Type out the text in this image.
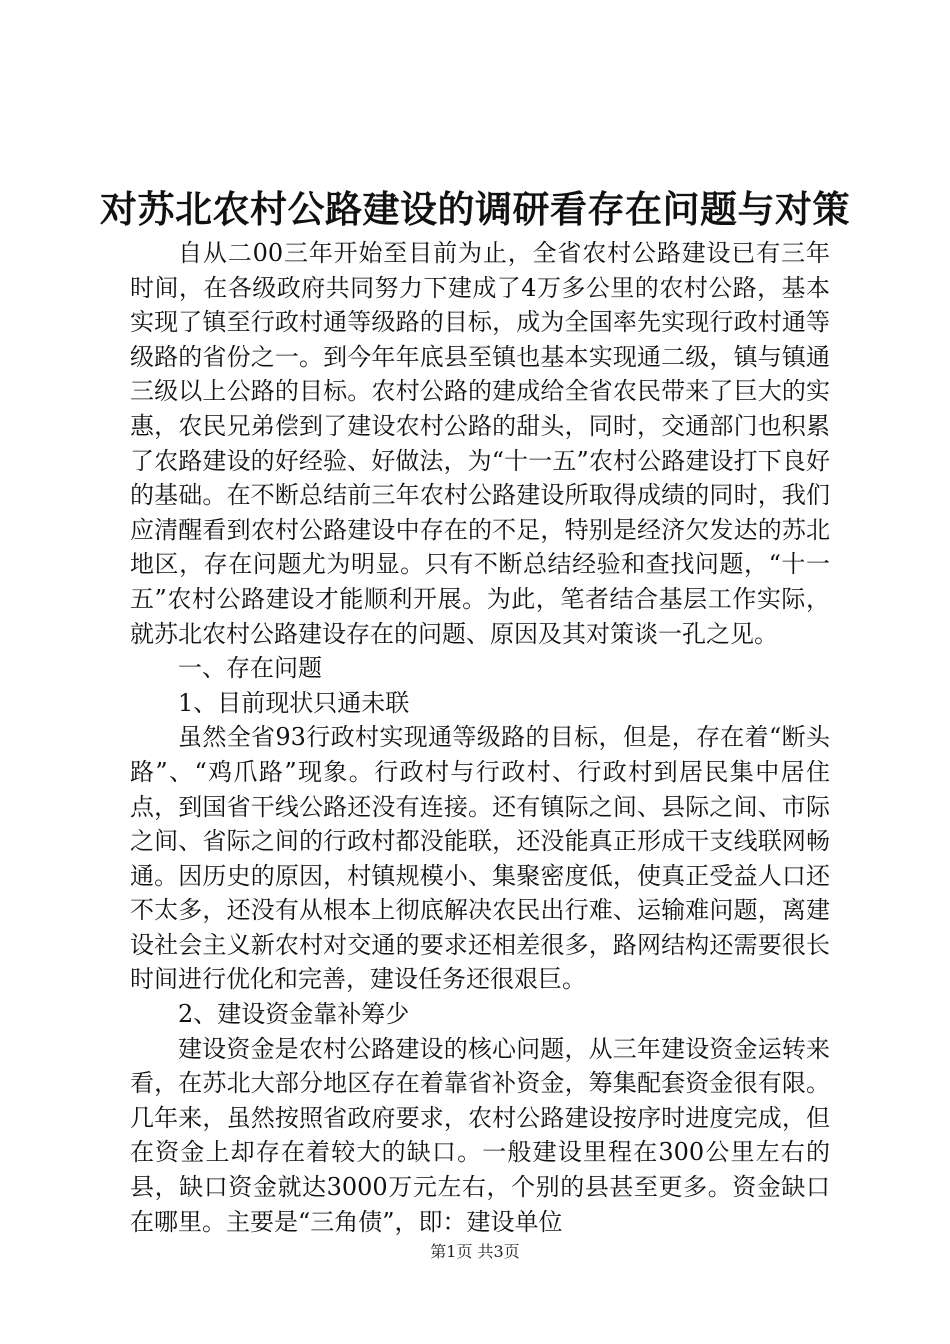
对苏北农村公路建设的调研看存在问题与对策

自从二00三年开始至目前为止，全省农村公路建设已有三年时间，在各级政府共同努力下建成了4万多公里的农村公路，基本实现了镇至行政村通等级路的目标，成为全国率先实现行政村通等级路的省份之一。到今年年底县至镇也基本实现通二级，镇与镇通三级以上公路的目标。农村公路的建成给全省农民带来了巨大的实惠，农民兄弟偿到了建设农村公路的甜头，同时，交通部门也积累了农路建设的好经验、好做法，为“十一五”农村公路建设打下良好的基础。在不断总结前三年农村公路建设所取得成绩的同时，我们应清醒看到农村公路建设中存在的不足，特别是经济欠发达的苏北地区，存在问题尤为明显。只有不断总结经验和查找问题，“十一五”农村公路建设才能顺利开展。为此，笔者结合基层工作实际，就苏北农村公路建设存在的问题、原因及其对策谈一孔之见。

一、存在问题

1、目前现状只通未联

虽然全省93行政村实现通等级路的目标，但是，存在着“断头路”、“鸡爪路”现象。行政村与行政村、行政村到居民集中居住点，到国省干线公路还没有连接。还有镇际之间、县际之间、市际之间、省际之间的行政村都没能联，还没能真正形成干支线联网畅通。因历史的原因，村镇规模小、集聚密度低，使真正受益人口还不太多，还没有从根本上彻底解决农民出行难、运输难问题，离建设社会主义新农村对交通的要求还相差很多，路网结构还需要很长时间进行优化和完善，建设任务还很艰巨。

2、建设资金靠补筹少

建设资金是农村公路建设的核心问题，从三年建设资金运转来看，在苏北大部分地区存在着靠省补资金，筹集配套资金很有限。几年来，虽然按照省政府要求，农村公路建设按序时进度完成，但在资金上却存在着较大的缺口。一般建设里程在300公里左右的县，缺口资金就达3000万元左右，个别的县甚至更多。资金缺口在哪里。主要是“三角债”，即：建设单位

第1页 共3页
